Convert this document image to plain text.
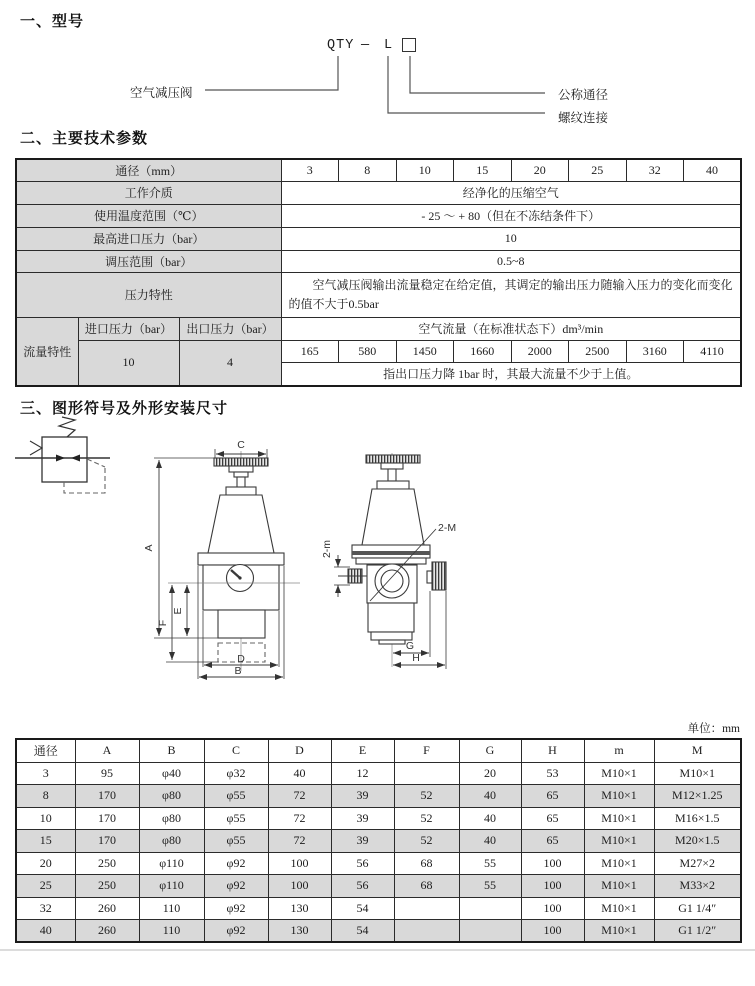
一、型号
QTY — L
空气减压阀	公称通径
螺纹连接
二、主要技术参数
通径（mm）			3	8	10	15	20	25	32	40
工作介质			经净化的压缩空气							
使用温度范围（℃）			- 25 ～ + 80（但在不冻结条件下）							
最高进口压力（bar）			10							
调压范围（bar）			0.5~8							
压力特性			空气减压阀输出流量稳定在给定值，其调定的输出压力随输入压力的变化而变化的值不大于0.5bar							

流量特性	进口压力（bar）	出口压力（bar）	空气流量（在标准状态下）dm³/min							
	10	4	165	580	1450	1660	2000	2500	3160	4110
			指出口压力降 1bar 时，其最大流量不少于上值。							
三、图形符号及外形安装尺寸
C
A
E
F
D
B
2-m
2-M
G
H
单位：mm
通径	A	B	C	D	E	F	G	H	m	M
3	95	φ40	φ32	40	12		20	53	M10×1	M10×1
8	170	φ80	φ55	72	39	52	40	65	M10×1	M12×1.25
10	170	φ80	φ55	72	39	52	40	65	M10×1	M16×1.5
15	170	φ80	φ55	72	39	52	40	65	M10×1	M20×1.5
20	250	φ110	φ92	100	56	68	55	100	M10×1	M27×2
25	250	φ110	φ92	100	56	68	55	100	M10×1	M33×2
32	260	110	φ92	130	54			100	M10×1	G1 1/4″
40	260	110	φ92	130	54			100	M10×1	G1 1/2″
